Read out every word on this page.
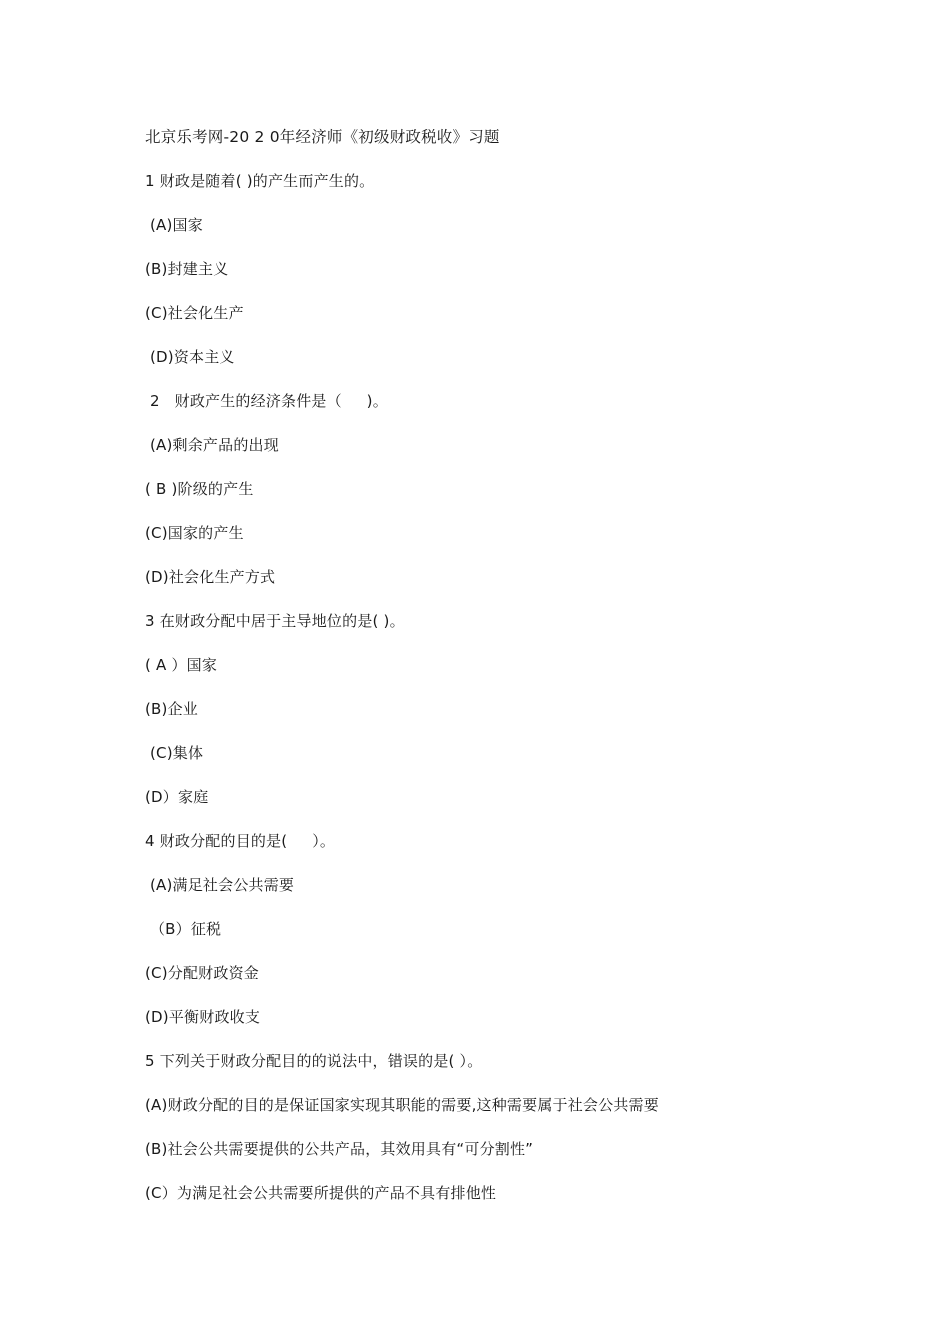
北京乐考网-20 2 0年经济师《初级财政税收》习题
1 财政是随着( )的产生而产生的。
(A)国家
(B)封建主义
(C)社会化生产
(D)资本主义
2   财政产生的经济条件是（     )。
(A)剩余产品的出现
( B )阶级的产生
(C)国家的产生
(D)社会化生产方式
3 在财政分配中居于主导地位的是( )。
( A ）国家
(B)企业
(C)集体
(D）家庭
4 财政分配的目的是(     ）。
(A)满足社会公共需要
（B）征税
(C)分配财政资金
(D)平衡财政收支
5 下列关于财政分配目的的说法中，错误的是( ）。
(A)财政分配的目的是保证国家实现其职能的需要,这种需要属于社会公共需要
(B)社会公共需要提供的公共产品，其效用具有“可分割性”
(C）为满足社会公共需要所提供的产品不具有排他性
